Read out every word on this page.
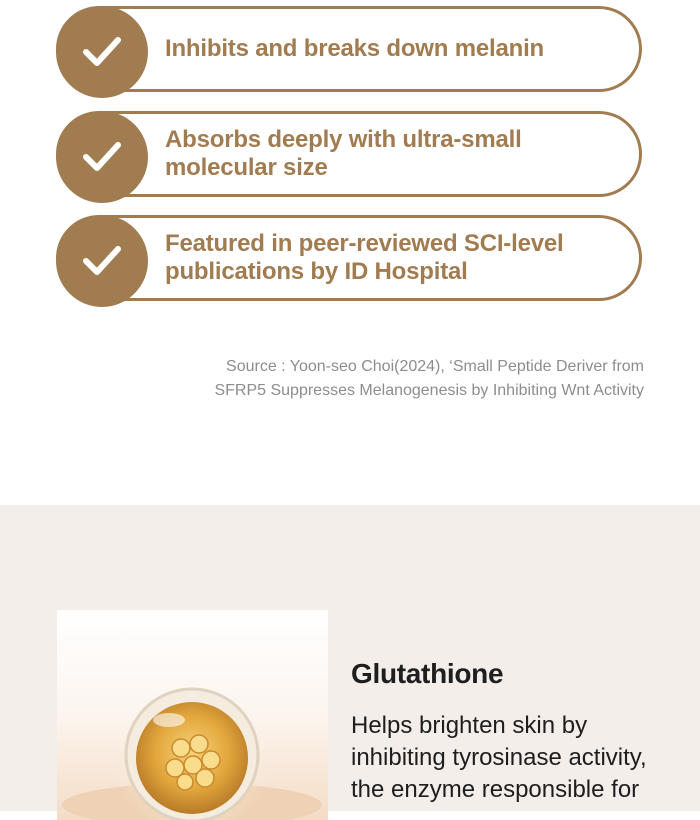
Inhibits and breaks down melanin
Absorbs deeply with ultra-small molecular size
Featured in peer-reviewed SCI-level publications by ID Hospital
Source : Yoon-seo Choi(2024), ‘Small Peptide Deriver from
SFRP5 Suppresses Melanogenesis by Inhibiting Wnt Activity
Glutathione
Helps brighten skin by inhibiting tyrosinase activity, the enzyme responsible for
